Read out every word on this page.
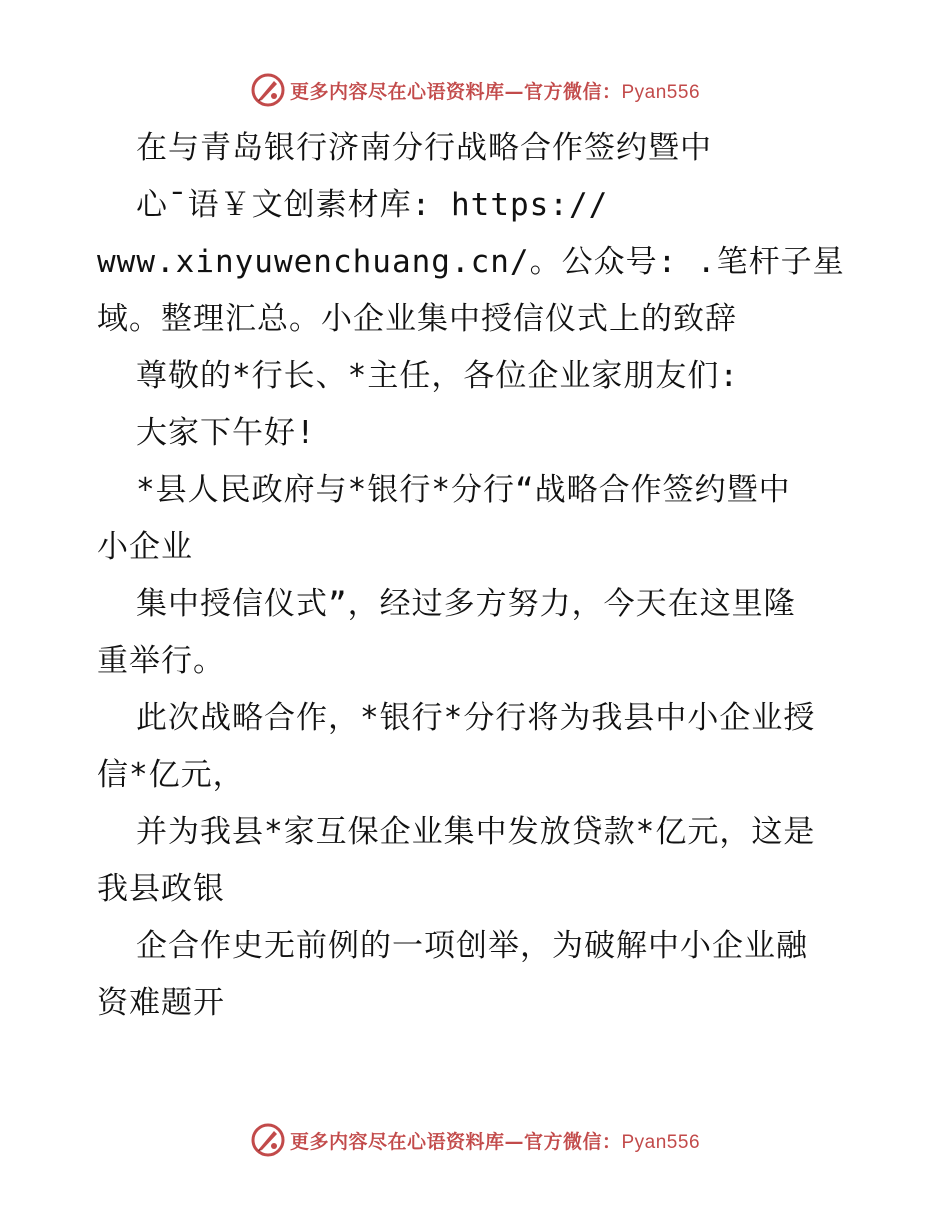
更多内容尽在心语资料库—官方微信：Pyan556
在与青岛银行济南分行战略合作签约暨中
心¯语￥文创素材库: https://
www.xinyuwenchuang.cn/。公众号: .笔杆子星
域。整理汇总。小企业集中授信仪式上的致辞
尊敬的*行长、*主任，各位企业家朋友们:
大家下午好!
*县人民政府与*银行*分行“战略合作签约暨中
小企业
集中授信仪式”，经过多方努力，今天在这里隆
重举行。
此次战略合作，*银行*分行将为我县中小企业授
信*亿元，
并为我县*家互保企业集中发放贷款*亿元，这是
我县政银
企合作史无前例的一项创举，为破解中小企业融
资难题开
更多内容尽在心语资料库—官方微信：Pyan556
